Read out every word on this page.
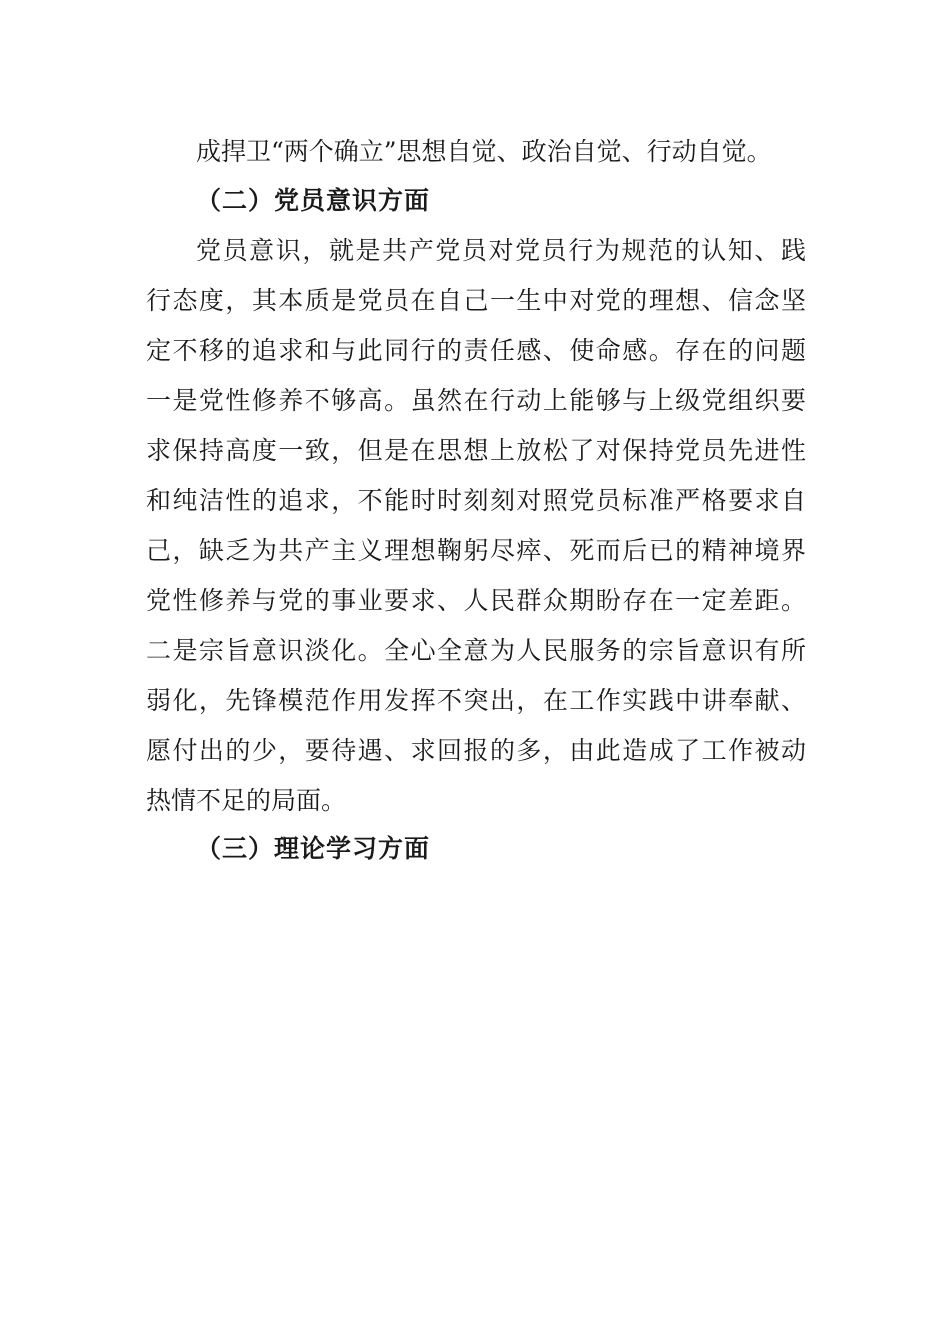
成捍卫“两个确立”思想自觉、政治自觉、行动自觉。
（二）党员意识方面
党员意识，就是共产党员对党员行为规范的认知、践
行态度，其本质是党员在自己一生中对党的理想、信念坚
定不移的追求和与此同行的责任感、使命感。存在的问题
一是党性修养不够高。虽然在行动上能够与上级党组织要
求保持高度一致，但是在思想上放松了对保持党员先进性
和纯洁性的追求，不能时时刻刻对照党员标准严格要求自
己，缺乏为共产主义理想鞠躬尽瘁、死而后已的精神境界
党性修养与党的事业要求、人民群众期盼存在一定差距。
二是宗旨意识淡化。全心全意为人民服务的宗旨意识有所
弱化，先锋模范作用发挥不突出，在工作实践中讲奉献、
愿付出的少，要待遇、求回报的多，由此造成了工作被动
热情不足的局面。
（三）理论学习方面
